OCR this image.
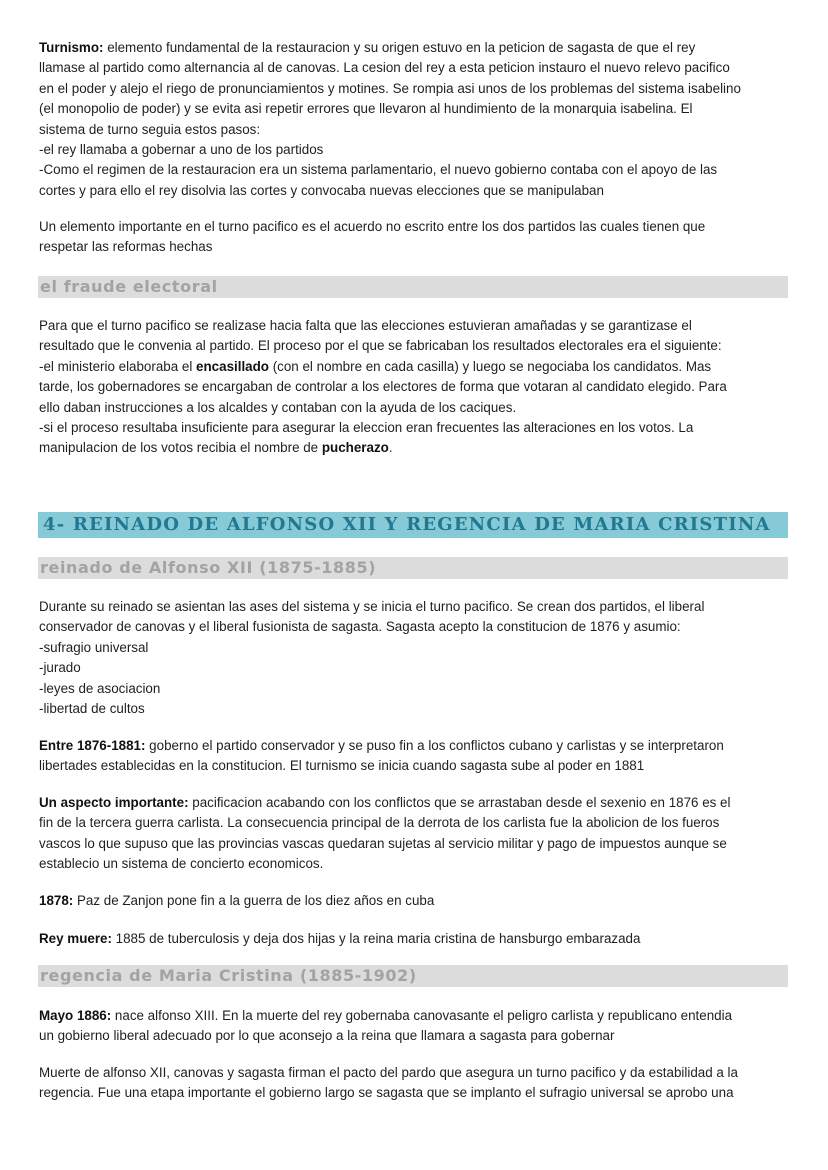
Turnismo: elemento fundamental de la restauracion y su origen estuvo en la peticion de sagasta de que el rey
llamase al partido como alternancia al de canovas. La cesion del rey a esta peticion instauro el nuevo relevo pacifico
en el poder y alejo el riego de pronunciamientos y motines. Se rompia asi unos de los problemas del sistema isabelino
(el monopolio de poder) y se evita asi repetir errores que llevaron al hundimiento de la monarquia isabelina. El
sistema de turno seguia estos pasos:
-el rey llamaba a gobernar a uno de los partidos
-Como el regimen de la restauracion era un sistema parlamentario, el nuevo gobierno contaba con el apoyo de las
cortes y para ello el rey disolvia las cortes y convocaba nuevas elecciones que se manipulaban

Un elemento importante en el turno pacifico es el acuerdo no escrito entre los dos partidos las cuales tienen que
respetar las reformas hechas

el fraude electoral

Para que el turno pacifico se realizase hacia falta que las elecciones estuvieran amañadas y se garantizase el
resultado que le convenia al partido. El proceso por el que se fabricaban los resultados electorales era el siguiente:
-el ministerio elaboraba el encasillado (con el nombre en cada casilla) y luego se negociaba los candidatos. Mas
tarde, los gobernadores se encargaban de controlar a los electores de forma que votaran al candidato elegido. Para
ello daban instrucciones a los alcaldes y contaban con la ayuda de los caciques.
-si el proceso resultaba insuficiente para asegurar la eleccion eran frecuentes las alteraciones en los votos. La
manipulacion de los votos recibia el nombre de pucherazo.

4- REINADO DE ALFONSO XII Y REGENCIA DE MARIA CRISTINA
reinado de Alfonso XII (1875-1885)

Durante su reinado se asientan las ases del sistema y se inicia el turno pacifico. Se crean dos partidos, el liberal
conservador de canovas y el liberal fusionista de sagasta. Sagasta acepto la constitucion de 1876 y asumio:
-sufragio universal
-jurado
-leyes de asociacion
-libertad de cultos

Entre 1876-1881: goberno el partido conservador y se puso fin a los conflictos cubano y carlistas y se interpretaron
libertades establecidas en la constitucion. El turnismo se inicia cuando sagasta sube al poder en 1881

Un aspecto importante: pacificacion acabando con los conflictos que se arrastaban desde el sexenio en 1876 es el
fin de la tercera guerra carlista. La consecuencia principal de la derrota de los carlista fue la abolicion de los fueros
vascos lo que supuso que las provincias vascas quedaran sujetas al servicio militar y pago de impuestos aunque se
establecio un sistema de concierto economicos.

1878: Paz de Zanjon pone fin a la guerra de los diez años en cuba

Rey muere: 1885 de tuberculosis y deja dos hijas y la reina maria cristina de hansburgo embarazada

regencia de Maria Cristina (1885-1902)

Mayo 1886: nace alfonso XIII. En la muerte del rey gobernaba canovasante el peligro carlista y republicano entendia
un gobierno liberal adecuado por lo que aconsejo a la reina que llamara a sagasta para gobernar

Muerte de alfonso XII, canovas y sagasta firman el pacto del pardo que asegura un turno pacifico y da estabilidad a la
regencia. Fue una etapa importante el gobierno largo se sagasta que se implanto el sufragio universal se aprobo una
